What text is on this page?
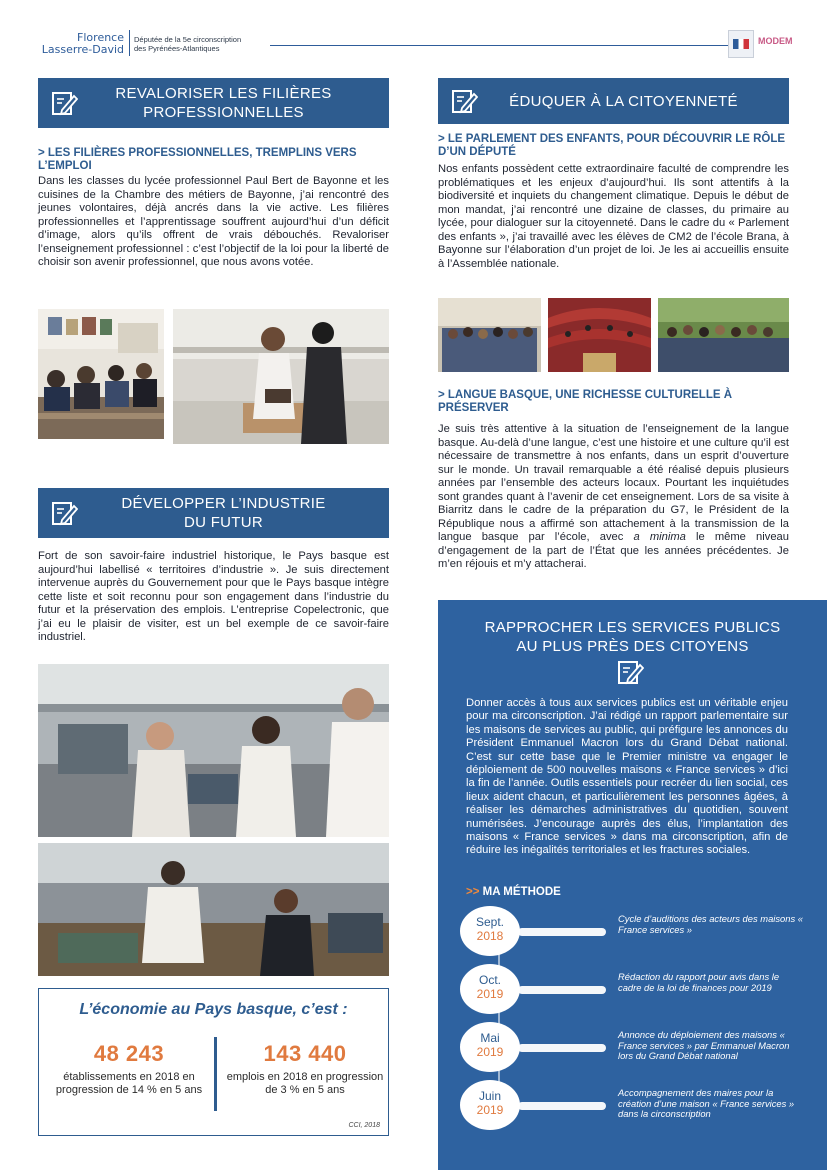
Florence
Lasserre-David
Députée de la 5e circonscription
des Pyrénées-Atlantiques
MODEM
REVALORISER LES FILIÈRES
PROFESSIONNELLES
> LES FILIÈRES PROFESSIONNELLES, TREMPLINS VERS L’EMPLOI
Dans les classes du lycée professionnel Paul Bert de Bayonne et les cuisines de la Chambre des métiers de Bayonne, j’ai rencontré des jeunes volontaires, déjà ancrés dans la vie active. Les filières professionnelles et l’apprentissage souffrent aujourd’hui d’un déficit d’image, alors qu’ils offrent de vrais débouchés. Revaloriser l’enseignement professionnel : c’est l’objectif de la loi pour la liberté de choisir son avenir professionnel, que nous avons votée.
DÉVELOPPER L’INDUSTRIE
DU FUTUR
Fort de son savoir-faire industriel historique, le Pays basque est aujourd’hui labellisé « territoires d’industrie ». Je suis directement intervenue auprès du Gouvernement pour que le Pays basque intègre cette liste et soit reconnu pour son engagement dans l’industrie du futur et la préservation des emplois. L’entreprise Copelectronic, que j’ai eu le plaisir de visiter, est un bel exemple de ce savoir-faire industriel.
L’économie au Pays basque, c’est :
48 243
établissements en 2018 en progression de 14 % en 5 ans
143 440
emplois en 2018 en progression de 3 % en 5 ans
CCI, 2018
ÉDUQUER À LA CITOYENNETÉ
> LE PARLEMENT DES ENFANTS, POUR DÉCOUVRIR LE RÔLE D’UN DÉPUTÉ
Nos enfants possèdent cette extraordinaire faculté de comprendre les problématiques et les enjeux d’aujourd’hui. Ils sont attentifs à la biodiversité et inquiets du changement climatique. Depuis le début de mon mandat, j’ai rencontré une dizaine de classes, du primaire au lycée, pour dialoguer sur la citoyenneté. Dans le cadre du « Parlement des enfants », j’ai travaillé avec les élèves de CM2 de l’école Brana, à Bayonne sur l’élaboration d’un projet de loi. Je les ai accueillis ensuite à l’Assemblée nationale.
> LANGUE BASQUE, UNE RICHESSE CULTURELLE À PRÉSERVER
Je suis très attentive à la situation de l’enseignement de la langue basque. Au-delà d’une langue, c’est une histoire et une culture qu’il est nécessaire de transmettre à nos enfants, dans un esprit d’ouverture sur le monde. Un travail remarquable a été réalisé depuis plusieurs années par l’ensemble des acteurs locaux. Pourtant les inquiétudes sont grandes quant à l’avenir de cet enseignement. Lors de sa visite à Biarritz dans le cadre de la préparation du G7, le Président de la République nous a affirmé son attachement à la transmission de la langue basque par l’école, avec a minima le même niveau d’engagement de la part de l’État que les années précédentes. Je m’en réjouis et m’y attacherai.
RAPPROCHER LES SERVICES PUBLICS
AU PLUS PRÈS DES CITOYENS
Donner accès à tous aux services publics est un véritable enjeu pour ma circonscription. J’ai rédigé un rapport parlementaire sur les maisons de services au public, qui préfigure les annonces du Président Emmanuel Macron lors du Grand Débat national. C’est sur cette base que le Premier ministre va engager le déploiement de 500 nouvelles maisons « France services » d’ici la fin de l’année. Outils essentiels pour recréer du lien social, ces lieux aident chacun, et particulièrement les personnes âgées, à réaliser les démarches administratives du quotidien, souvent numérisées. J’encourage auprès des élus, l’implantation des maisons « France services » dans ma circonscription, afin de réduire les inégalités territoriales et les fractures sociales.
>> MA MÉTHODE
Sept.
2018
Cycle d’auditions des acteurs des maisons « France services »
Oct.
2019
Rédaction du rapport pour avis dans le cadre de la loi de finances pour 2019
Mai
2019
Annonce du déploiement des maisons « France services » par Emmanuel Macron lors du Grand Débat national
Juin
2019
Accompagnement des maires pour la création d’une maison « France services » dans la circonscription
